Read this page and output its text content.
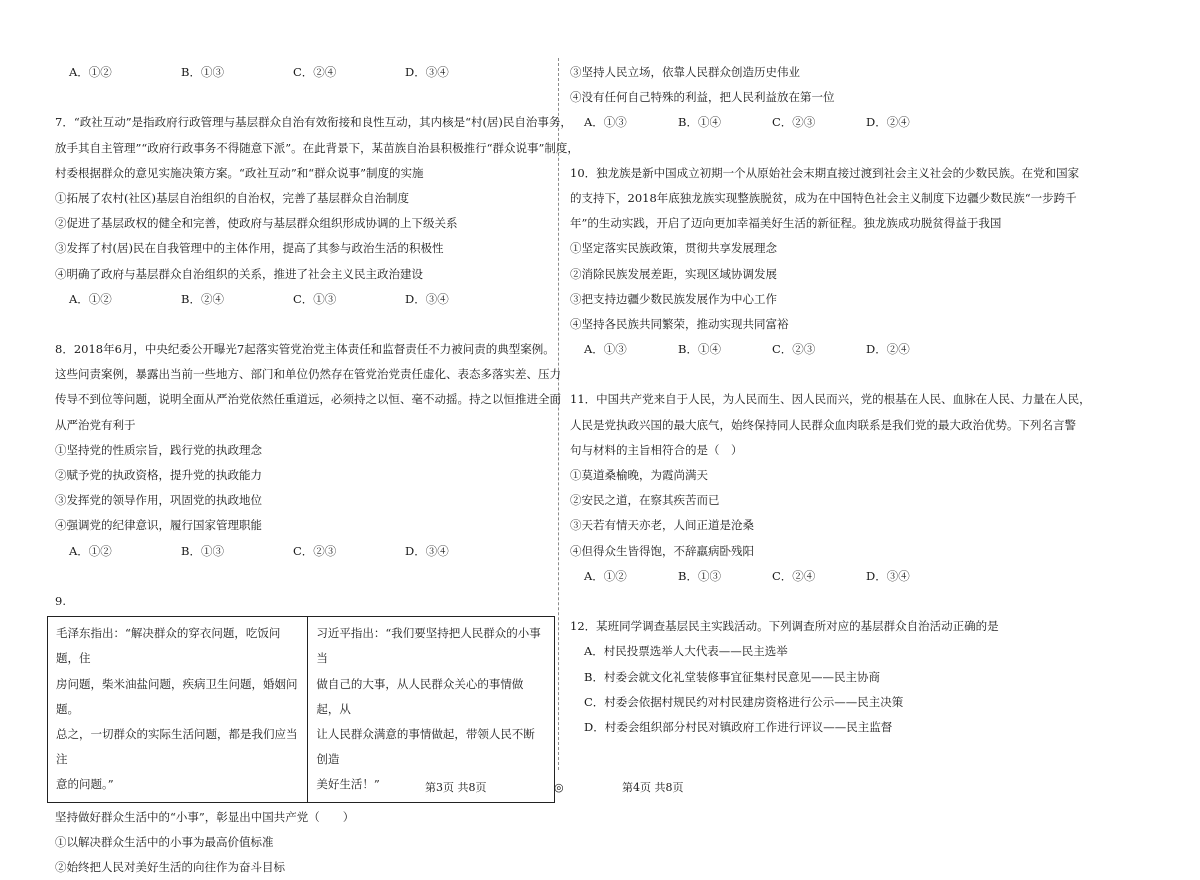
A．①②	B．①③	C．②④	D．③④
7．“政社互动”是指政府行政管理与基层群众自治有效衔接和良性互动，其内核是“村(居)民自治事务，
放手其自主管理”“政府行政事务不得随意下派”。在此背景下，某苗族自治县积极推行“群众说事”制度，
村委根据群众的意见实施决策方案。“政社互动”和“群众说事”制度的实施
①拓展了农村(社区)基层自治组织的自治权，完善了基层群众自治制度
②促进了基层政权的健全和完善，使政府与基层群众组织形成协调的上下级关系
③发挥了村(居)民在自我管理中的主体作用，提高了其参与政治生活的积极性
④明确了政府与基层群众自治组织的关系，推进了社会主义民主政治建设
A．①②	B．②④	C．①③	D．③④
8．2018年6月，中央纪委公开曝光7起落实管党治党主体责任和监督责任不力被问责的典型案例。
这些问责案例，暴露出当前一些地方、部门和单位仍然存在管党治党责任虚化、表态多落实差、压力
传导不到位等问题，说明全面从严治党依然任重道远，必须持之以恒、毫不动摇。持之以恒推进全面
从严治党有利于
①坚持党的性质宗旨，践行党的执政理念
②赋予党的执政资格，提升党的执政能力
③发挥党的领导作用，巩固党的执政地位
④强调党的纪律意识，履行国家管理职能
A．①②	B．①③	C．②③	D．③④
9.
毛泽东指出：“解决群众的穿衣问题，吃饭问题，住
房问题，柴米油盐问题，疾病卫生问题，婚姻问题。
总之，一切群众的实际生活问题，都是我们应当注
意的问题。”
习近平指出：“我们要坚持把人民群众的小事当
做自己的大事，从人民群众关心的事情做起，从
让人民群众满意的事情做起，带领人民不断创造
美好生活！”
坚持做好群众生活中的“小事”，彰显出中国共产党（　　）
①以解决群众生活中的小事为最高价值标准
②始终把人民对美好生活的向往作为奋斗目标
③坚持人民立场，依靠人民群众创造历史伟业
④没有任何自己特殊的利益，把人民利益放在第一位
A．①③	B．①④	C．②③	D．②④
10．独龙族是新中国成立初期一个从原始社会末期直接过渡到社会主义社会的少数民族。在党和国家
的支持下，2018年底独龙族实现整族脱贫，成为在中国特色社会主义制度下边疆少数民族“一步跨千
年”的生动实践，开启了迈向更加幸福美好生活的新征程。独龙族成功脱贫得益于我国
①坚定落实民族政策，贯彻共享发展理念
②消除民族发展差距，实现区域协调发展
③把支持边疆少数民族发展作为中心工作
④坚持各民族共同繁荣，推动实现共同富裕
A．①③	B．①④	C．②③	D．②④
11．中国共产党来自于人民，为人民而生、因人民而兴，党的根基在人民、血脉在人民、力量在人民，
人民是党执政兴国的最大底气，始终保持同人民群众血肉联系是我们党的最大政治优势。下列名言警
句与材料的主旨相符合的是（　）
①莫道桑榆晚，为霞尚满天
②安民之道，在察其疾苦而已
③天若有情天亦老，人间正道是沧桑
④但得众生皆得饱，不辞羸病卧残阳
A．①②	B．①③	C．②④	D．③④
12．某班同学调查基层民主实践活动。下列调查所对应的基层群众自治活动正确的是
A．村民投票选举人大代表——民主选举
B．村委会就文化礼堂装修事宜征集村民意见——民主协商
C．村委会依据村规民约对村民建房资格进行公示——民主决策
D．村委会组织部分村民对镇政府工作进行评议——民主监督
第3页 共8页	◎	第4页 共8页
